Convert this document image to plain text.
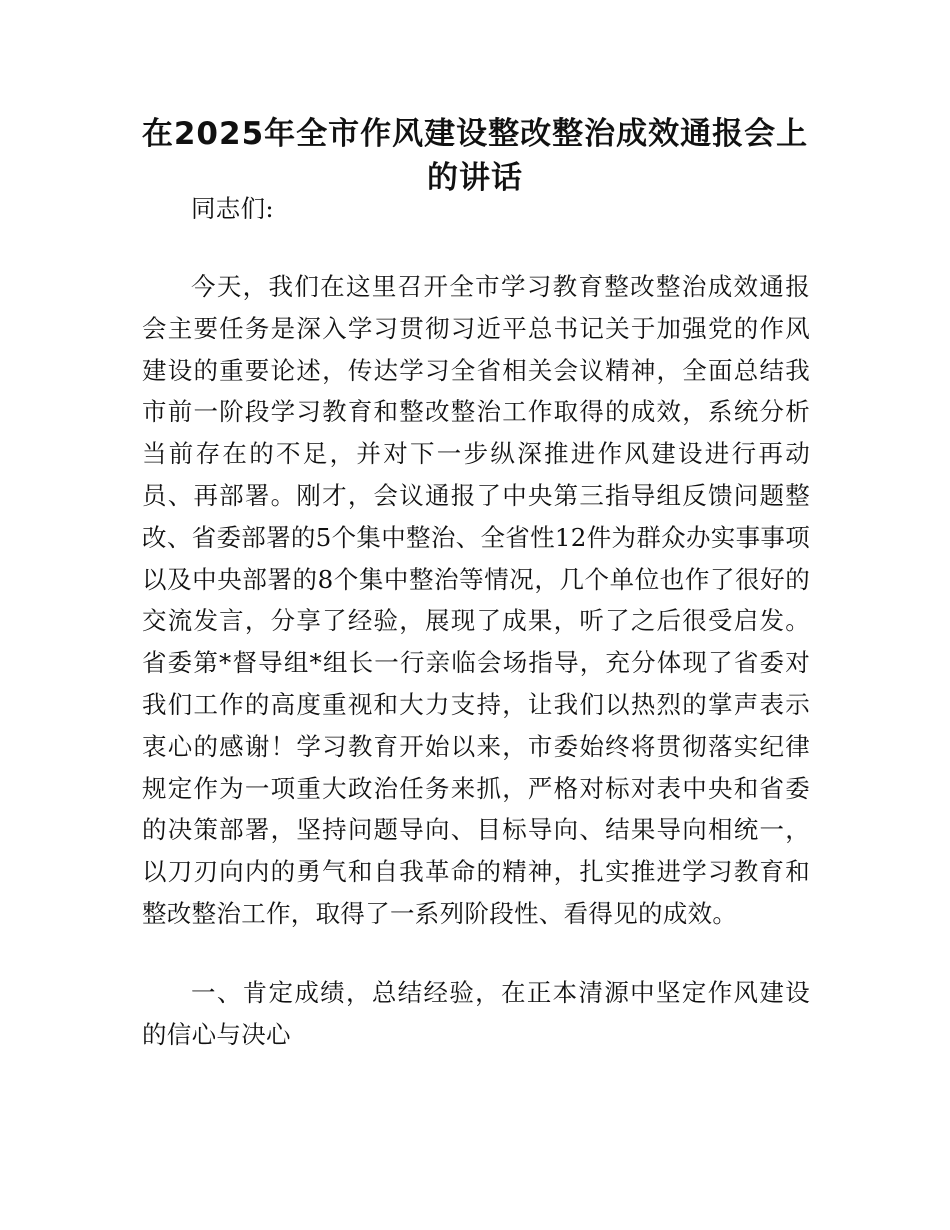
在2025年全市作风建设整改整治成效通报会上的讲话

同志们:

今天，我们在这里召开全市学习教育整改整治成效通报会主要任务是深入学习贯彻习近平总书记关于加强党的作风建设的重要论述，传达学习全省相关会议精神，全面总结我市前一阶段学习教育和整改整治工作取得的成效，系统分析当前存在的不足，并对下一步纵深推进作风建设进行再动员、再部署。刚才，会议通报了中央第三指导组反馈问题整改、省委部署的5个集中整治、全省性12件为群众办实事事项以及中央部署的8个集中整治等情况，几个单位也作了很好的交流发言，分享了经验，展现了成果，听了之后很受启发。省委第*督导组*组长一行亲临会场指导，充分体现了省委对我们工作的高度重视和大力支持，让我们以热烈的掌声表示衷心的感谢！学习教育开始以来，市委始终将贯彻落实纪律规定作为一项重大政治任务来抓，严格对标对表中央和省委的决策部署，坚持问题导向、目标导向、结果导向相统一，以刀刃向内的勇气和自我革命的精神，扎实推进学习教育和整改整治工作，取得了一系列阶段性、看得见的成效。

一、肯定成绩，总结经验，在正本清源中坚定作风建设的信心与决心
